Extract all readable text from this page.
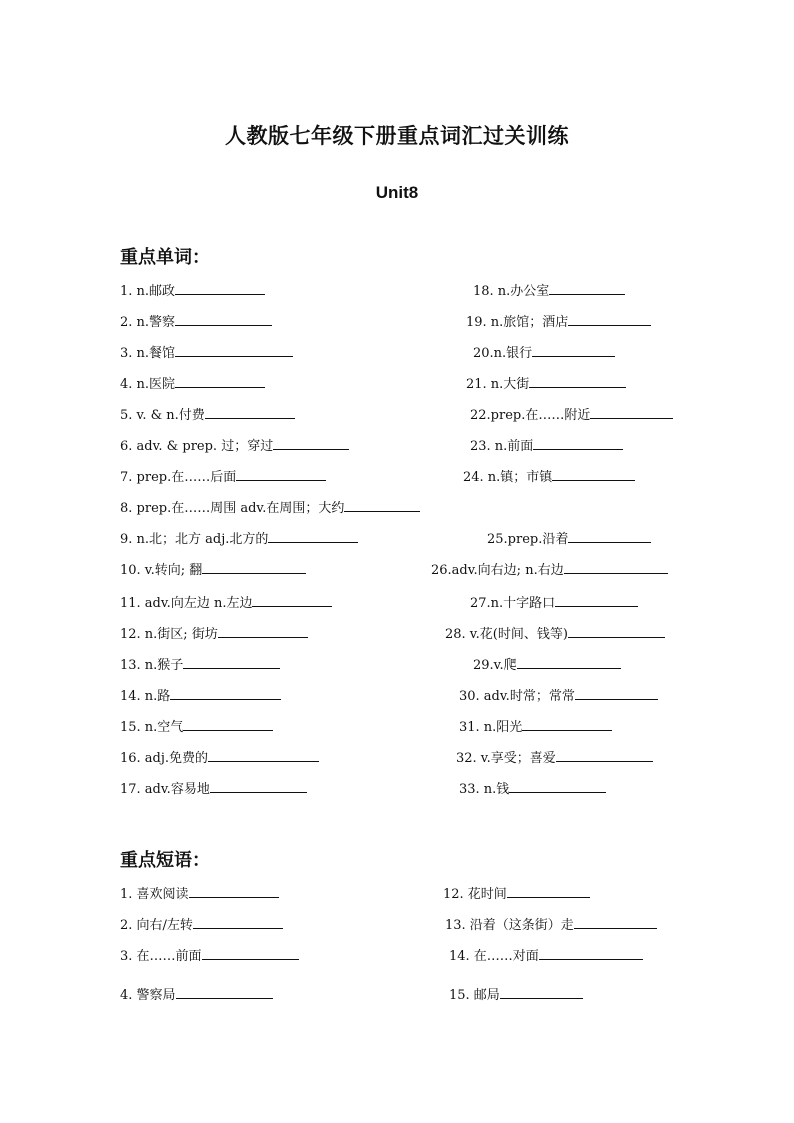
人教版七年级下册重点词汇过关训练
Unit8
重点单词：
1. n.邮政
2. n.警察
3. n.餐馆
4. n.医院
5. v. & n.付费
6. adv. & prep. 过；穿过
7. prep.在……后面
8. prep.在……周围 adv.在周围；大约
9. n.北；北方 adj.北方的
10. v.转向; 翻
11. adv.向左边 n.左边
12. n.街区; 街坊
13. n.猴子
14. n.路
15. n.空气
16. adj.免费的
17. adv.容易地
18. n.办公室
19. n.旅馆；酒店
20.n.银行
21. n.大街
22.prep.在……附近
23. n.前面
24. n.镇；市镇
25.prep.沿着
26.adv.向右边; n.右边
27.n.十字路口
28. v.花(时间、钱等)
29.v.爬
30. adv.时常；常常
31. n.阳光
32. v.享受；喜爱
33. n.钱
重点短语：
1. 喜欢阅读
2. 向右/左转
3. 在……前面
4. 警察局
12. 花时间
13. 沿着（这条街）走
14. 在……对面
15. 邮局
